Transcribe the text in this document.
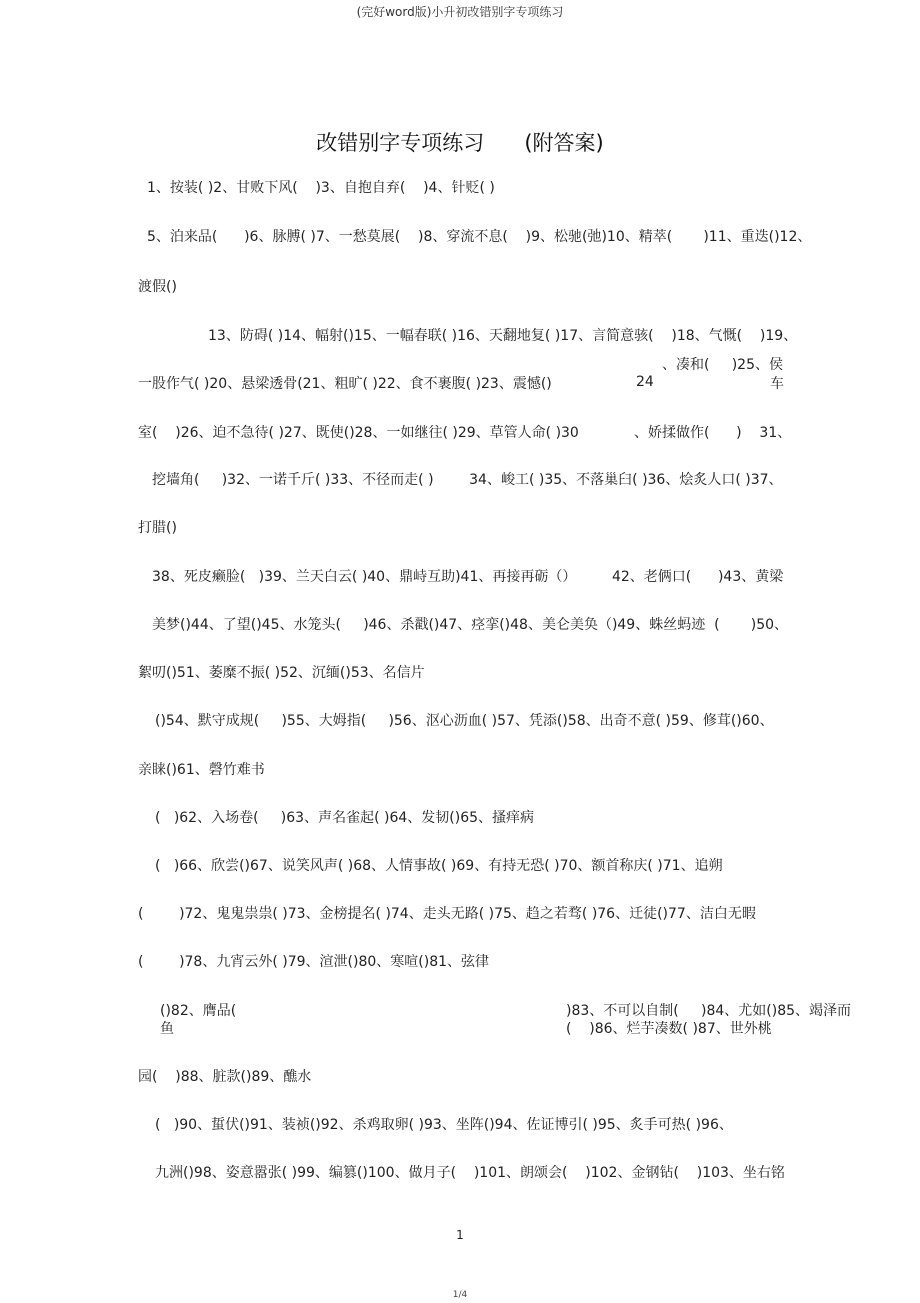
(完好word版)小升初改错别字专项练习
改错别字专项练习      (附答案)
1、按装( )2、甘败下风(    )3、自抱自弃(    )4、针贬( )
5、泊来品(      )6、脉膊( )7、一愁莫展(    )8、穿流不息(    )9、松驰(弛)10、精萃(       )11、重迭()12、
渡假()
13、防碍( )14、幅射()15、一幅春联( )16、天翻地复( )17、言简意骇(    )18、气慨(    )19、
、凑和(     )25、侯
一股作气( )20、悬梁透骨(21、粗旷( )22、食不裹腹( )23、震憾()	24	车
室(    )26、迫不急待( )27、既使()28、一如继往( )29、草管人命( )30	、娇揉做作(      )    31、
挖墙角(     )32、一诺千斤( )33、不径而走( )        34、峻工( )35、不落巢臼( )36、烩炙人口( )37、
打腊()
38、死皮癞脸(   )39、兰天白云( )40、鼎峙互助)41、再接再砺（）        42、老俩口(      )43、黄梁
美梦()44、了望()45、水笼头(     )46、杀戳()47、痉挛()48、美仑美奂（)49、蛛丝蚂迹  (       )50、
絮叨()51、萎糜不振( )52、沉缅()53、名信片
()54、默守成规(     )55、大姆指(     )56、沤心沥血( )57、凭添()58、出奇不意( )59、修茸()60、
亲睐()61、磬竹难书
(   )62、入场卷(     )63、声名雀起( )64、发韧()65、搔痒病
(   )66、欣尝()67、说笑风声( )68、人情事故( )69、有持无恐( )70、额首称庆( )71、追朔
(        )72、鬼鬼祟祟( )73、金榜提名( )74、走头无路( )75、趋之若骛( )76、迁徒()77、洁白无暇
(        )78、九宵云外( )79、渲泄()80、寒喧()81、弦律
()82、膺品(	)83、不可以自制(     )84、尤如()85、竭泽而
鱼	(    )86、烂芋凑数( )87、世外桃
园(    )88、脏款()89、醮水
(   )90、蜇伏()91、装祯()92、杀鸡取卵( )93、坐阵()94、佐证博引( )95、炙手可热( )96、
九洲()98、姿意嚣张( )99、编篡()100、做月子(    )101、朗颂会(    )102、金钢钻(    )103、坐右铭
1
1/4
